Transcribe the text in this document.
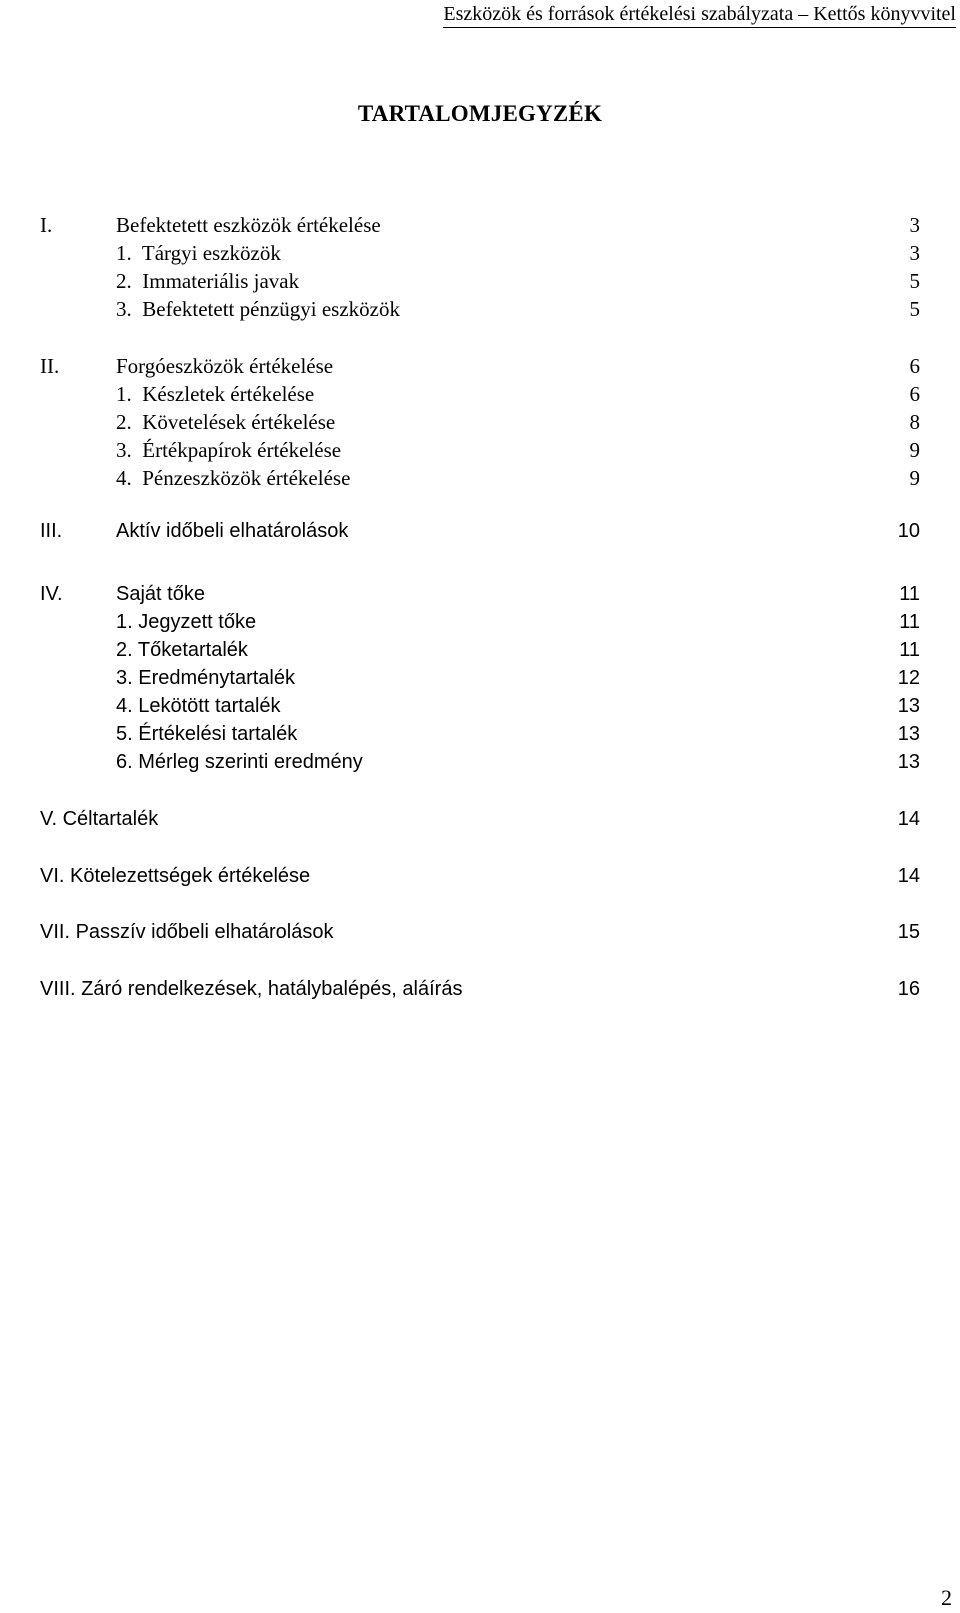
Eszközök és források értékelési szabályzata – Kettős könyvvitel
TARTALOMJEGYZÉK
I.	Befektetett eszközök értékelése	3
1.  Tárgyi eszközök	3
2.  Immateriális javak	5
3.  Befektetett pénzügyi eszközök	5
II.	Forgóeszközök értékelése	6
1.  Készletek értékelése	6
2.  Követelések értékelése	8
3.  Értékpapírok értékelése	9
4.  Pénzeszközök értékelése	9
III.	Aktív időbeli elhatárolások	10
IV.	Saját tőke	11
1. Jegyzett tőke	11
2. Tőketartalék	11
3. Eredménytartalék	12
4. Lekötött tartalék	13
5. Értékelési tartalék	13
6. Mérleg szerinti eredmény	13
V. Céltartalék	14
VI. Kötelezettségek értékelése	14
VII. Passzív időbeli elhatárolások	15
VIII. Záró rendelkezések, hatálybalépés, aláírás	16
2
